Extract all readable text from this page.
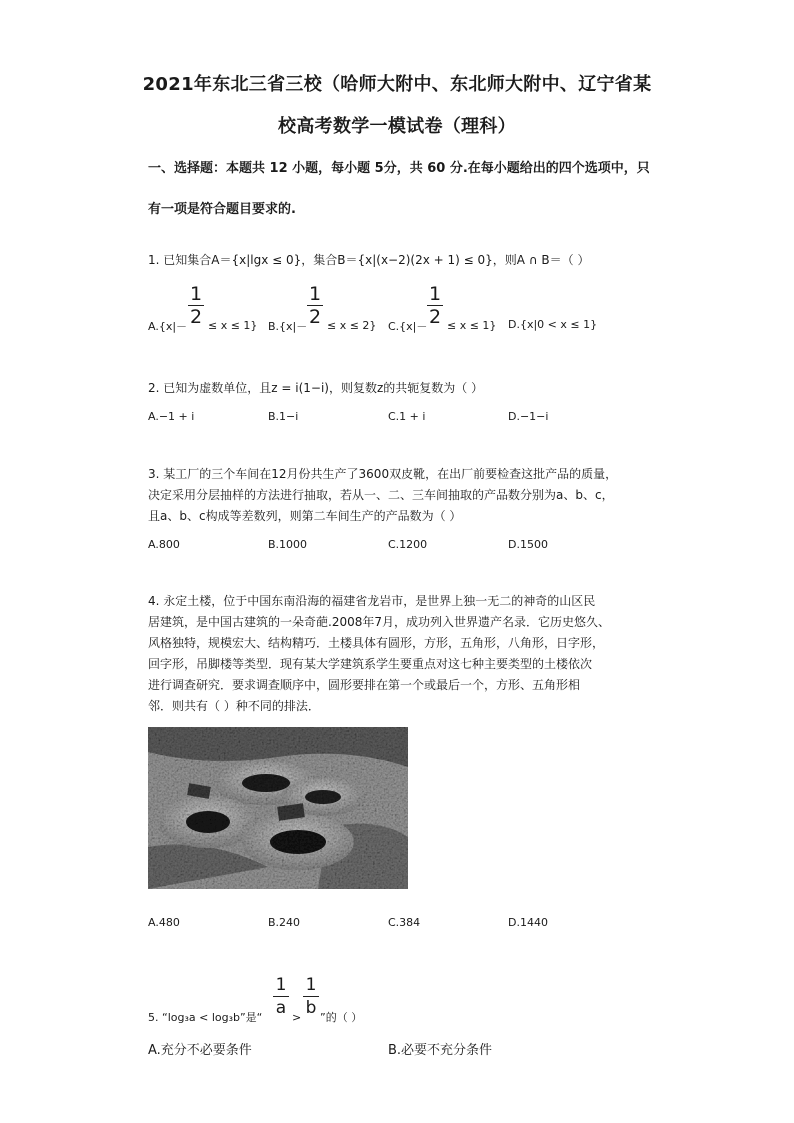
2021年东北三省三校（哈师大附中、东北师大附中、辽宁省某
校高考数学一模试卷（理科）
一、选择题：本题共 12 小题，每小题 5分，共 60 分.在每小题给出的四个选项中，只
有一项是符合题目要求的.
1. 已知集合A＝{x|lgx ≤ 0}，集合B＝{x|(x−2)(2x + 1) ≤ 0}，则A ∩ B＝（ ）
A.{x|－
1
2 ≤ x ≤ 1} B.{x|－
1
2 ≤ x ≤ 2} C.{x|－
1
2 ≤ x ≤ 1} D.{x|0 < x ≤ 1}
2. 已知为虚数单位，且z = i(1−i)，则复数z的共轭复数为（ ）
A.−1 + i	B.1−i	C.1 + i	D.−1−i
3. 某工厂的三个车间在12月份共生产了3600双皮靴，在出厂前要检查这批产品的质量，
决定采用分层抽样的方法进行抽取，若从一、二、三车间抽取的产品数分别为a、b、c，
且a、b、c构成等差数列，则第二车间生产的产品数为（ ）
A.800	B.1000	C.1200	D.1500
4. 永定土楼，位于中国东南沿海的福建省龙岩市，是世界上独一无二的神奇的山区民
居建筑，是中国古建筑的一朵奇葩.2008年7月，成功列入世界遗产名录．它历史悠久、
风格独特，规模宏大、结构精巧．土楼具体有圆形，方形，五角形，八角形，日字形，
回字形，吊脚楼等类型．现有某大学建筑系学生要重点对这七种主要类型的土楼依次
进行调查研究．要求调查顺序中，圆形要排在第一个或最后一个，方形、五角形相
邻．则共有（ ）种不同的排法．
A.480	B.240	C.384	D.1440
5. “log₃a < log₃b”是“
1
a >
1
b ”的（ ）
A.充分不必要条件	B.必要不充分条件
